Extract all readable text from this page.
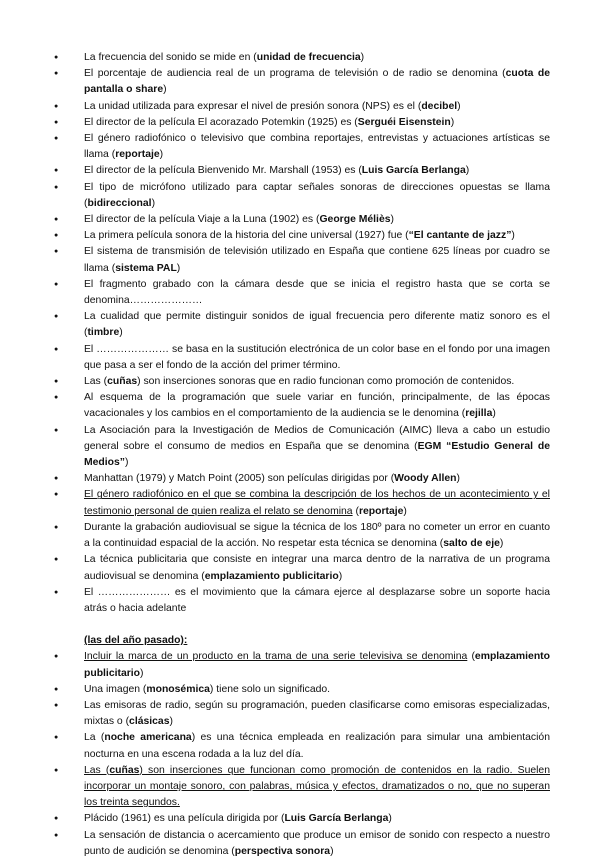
● La frecuencia del sonido se mide en (unidad de frecuencia)
● El porcentaje de audiencia real de un programa de televisión o de radio se denomina (cuota de pantalla o share)
● La unidad utilizada para expresar el nivel de presión sonora (NPS) es el (decibel)
● El director de la película El acorazado Potemkin (1925) es (Serguéi Eisenstein)
● El género radiofónico o televisivo que combina reportajes, entrevistas y actuaciones artísticas se llama (reportaje)
● El director de la película Bienvenido Mr. Marshall (1953) es (Luis García Berlanga)
● El tipo de micrófono utilizado para captar señales sonoras de direcciones opuestas se llama (bidireccional)
● El director de la película Viaje a la Luna (1902) es (George Méliès)
● La primera película sonora de la historia del cine universal (1927) fue (“El cantante de jazz”)
● El sistema de transmisión de televisión utilizado en España que contiene 625 líneas por cuadro se llama (sistema PAL)
● El fragmento grabado con la cámara desde que se inicia el registro hasta que se corta se denomina…………………
● La cualidad que permite distinguir sonidos de igual frecuencia pero diferente matiz sonoro es el (timbre)
● El ………………… se basa en la sustitución electrónica de un color base en el fondo por una imagen que pasa a ser el fondo de la acción del primer término.
● Las (cuñas) son inserciones sonoras que en radio funcionan como promoción de contenidos.
● Al esquema de la programación que suele variar en función, principalmente, de las épocas vacacionales y los cambios en el comportamiento de la audiencia se le denomina (rejilla)
● La Asociación para la Investigación de Medios de Comunicación (AIMC) lleva a cabo un estudio general sobre el consumo de medios en España que se denomina (EGM “Estudio General de Medios”)
● Manhattan (1979) y Match Point (2005) son películas dirigidas por (Woody Allen)
● El género radiofónico en el que se combina la descripción de los hechos de un acontecimiento y el testimonio personal de quien realiza el relato se denomina (reportaje)
● Durante la grabación audiovisual se sigue la técnica de los 180º para no cometer un error en cuanto a la continuidad espacial de la acción. No respetar esta técnica se denomina (salto de eje)
● La técnica publicitaria que consiste en integrar una marca dentro de la narrativa de un programa audiovisual se denomina (emplazamiento publicitario)
● El ………………… es el movimiento que la cámara ejerce al desplazarse sobre un soporte hacia atrás o hacia adelante

(las del año pasado):

● Incluir la marca de un producto en la trama de una serie televisiva se denomina (emplazamiento publicitario)
● Una imagen (monosémica) tiene solo un significado.
● Las emisoras de radio, según su programación, pueden clasificarse como emisoras especializadas, mixtas o (clásicas)
● La (noche americana) es una técnica empleada en realización para simular una ambientación nocturna en una escena rodada a la luz del día.
● Las (cuñas) son inserciones que funcionan como promoción de contenidos en la radio. Suelen incorporar un montaje sonoro, con palabras, música y efectos, dramatizados o no, que no superan los treinta segundos.
● Plácido (1961) es una película dirigida por (Luis García Berlanga)
● La sensación de distancia o acercamiento que produce un emisor de sonido con respecto a nuestro punto de audición se denomina (perspectiva sonora)
